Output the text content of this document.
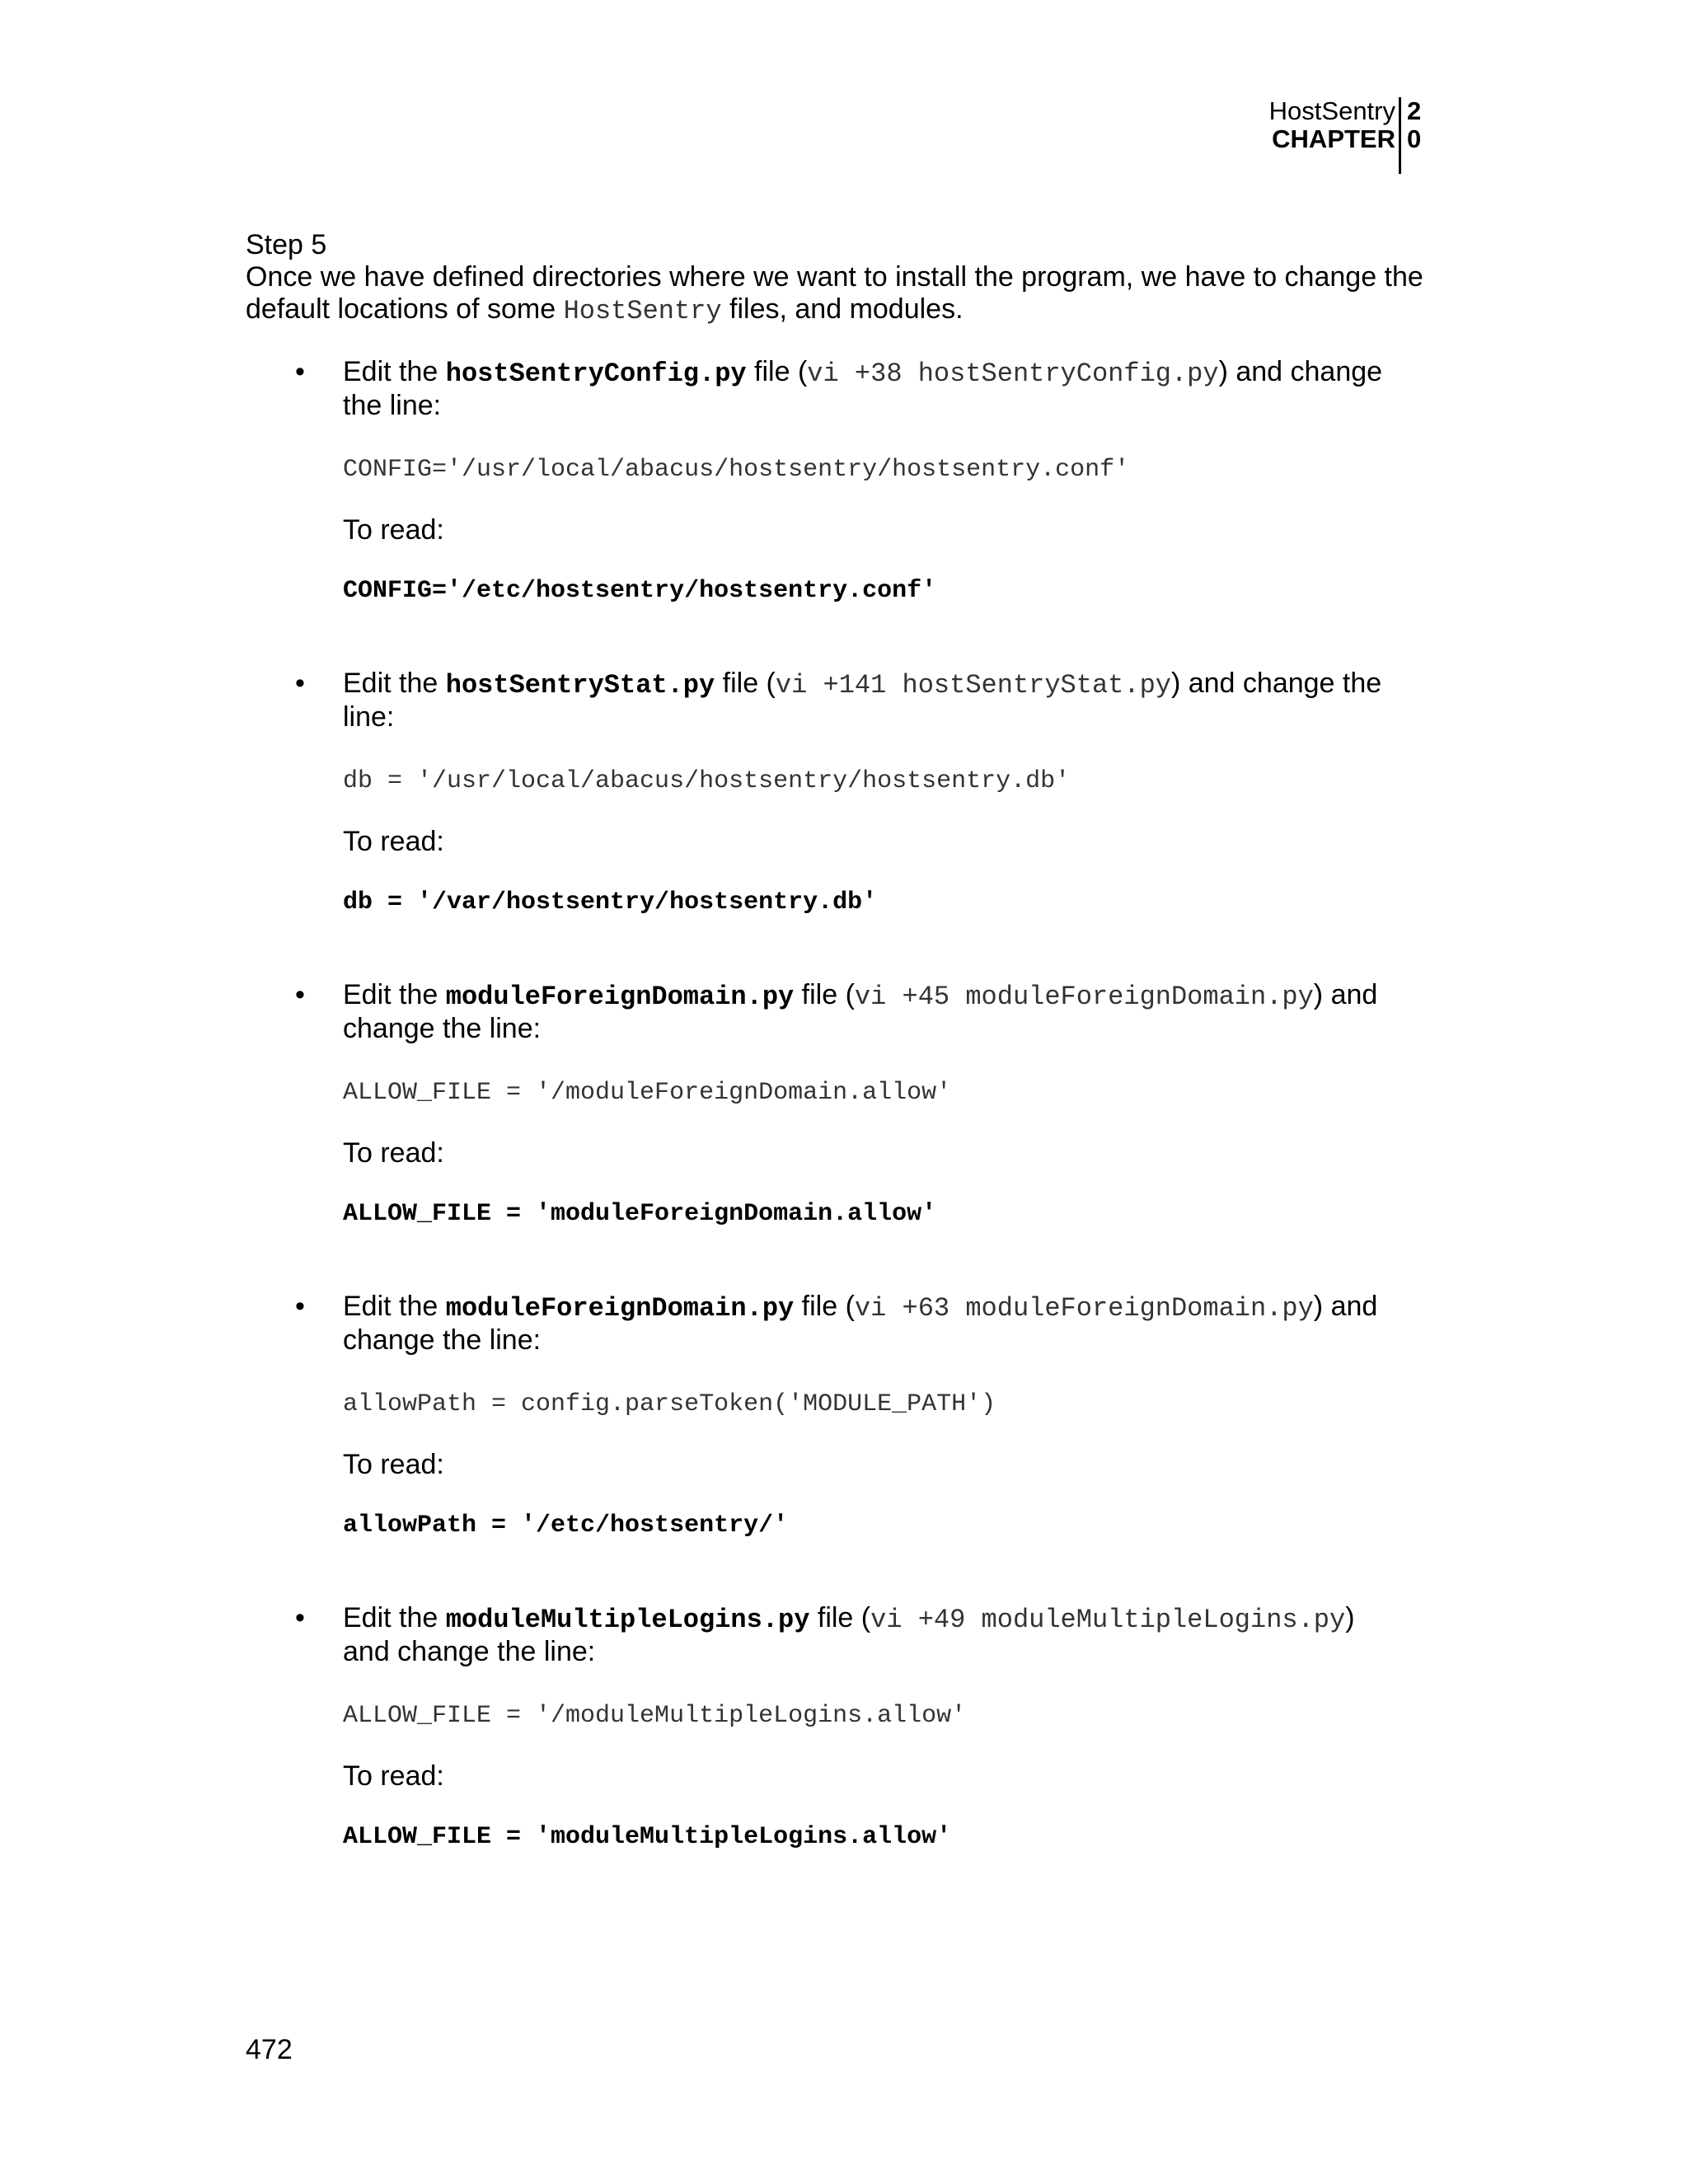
HostSentry
CHAPTER
2
0
Step 5
Once we have defined directories where we want to install the program, we have to change the
default locations of some HostSentry files, and modules.
• Edit the hostSentryConfig.py file (vi +38 hostSentryConfig.py) and change
the line:
CONFIG='/usr/local/abacus/hostsentry/hostsentry.conf'
To read:
CONFIG='/etc/hostsentry/hostsentry.conf'
• Edit the hostSentryStat.py file (vi +141 hostSentryStat.py) and change the
line:
db = '/usr/local/abacus/hostsentry/hostsentry.db'
To read:
db = '/var/hostsentry/hostsentry.db'
• Edit the moduleForeignDomain.py file (vi +45 moduleForeignDomain.py) and
change the line:
ALLOW_FILE = '/moduleForeignDomain.allow'
To read:
ALLOW_FILE = 'moduleForeignDomain.allow'
• Edit the moduleForeignDomain.py file (vi +63 moduleForeignDomain.py) and
change the line:
allowPath = config.parseToken('MODULE_PATH')
To read:
allowPath = '/etc/hostsentry/'
• Edit the moduleMultipleLogins.py file (vi +49 moduleMultipleLogins.py)
and change the line:
ALLOW_FILE = '/moduleMultipleLogins.allow'
To read:
ALLOW_FILE = 'moduleMultipleLogins.allow'
472
